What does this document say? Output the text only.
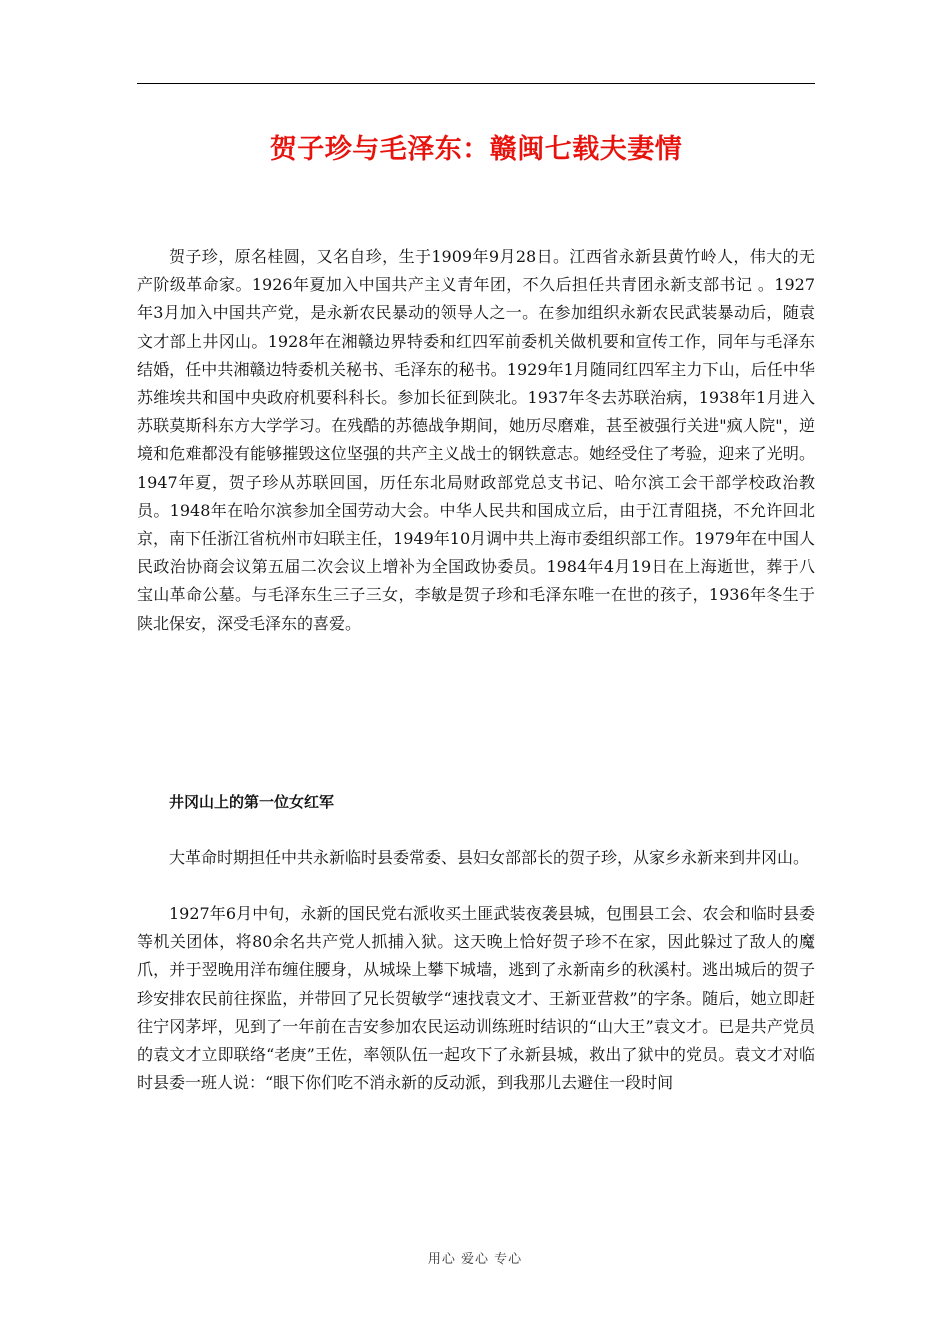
贺子珍与毛泽东：赣闽七载夫妻情

贺子珍，原名桂圆，又名自珍，生于1909年9月28日。江西省永新县黄竹岭人，伟大的无产阶级革命家。1926年夏加入中国共产主义青年团，不久后担任共青团永新支部书记 。1927年3月加入中国共产党，是永新农民暴动的领导人之一。在参加组织永新农民武装暴动后，随袁文才部上井冈山。1928年在湘赣边界特委和红四军前委机关做机要和宣传工作，同年与毛泽东结婚，任中共湘赣边特委机关秘书、毛泽东的秘书。1929年1月随同红四军主力下山，后任中华苏维埃共和国中央政府机要科科长。参加长征到陕北。1937年冬去苏联治病，1938年1月进入苏联莫斯科东方大学学习。在残酷的苏德战争期间，她历尽磨难，甚至被强行关进"疯人院"，逆境和危难都没有能够摧毁这位坚强的共产主义战士的钢铁意志。她经受住了考验，迎来了光明。1947年夏，贺子珍从苏联回国，历任东北局财政部党总支书记、哈尔滨工会干部学校政治教员。1948年在哈尔滨参加全国劳动大会。中华人民共和国成立后，由于江青阻挠，不允许回北京，南下任浙江省杭州市妇联主任，1949年10月调中共上海市委组织部工作。1979年在中国人民政治协商会议第五届二次会议上增补为全国政协委员。1984年4月19日在上海逝世，葬于八宝山革命公墓。与毛泽东生三子三女，李敏是贺子珍和毛泽东唯一在世的孩子，1936年冬生于陕北保安，深受毛泽东的喜爱。

井冈山上的第一位女红军

大革命时期担任中共永新临时县委常委、县妇女部部长的贺子珍，从家乡永新来到井冈山。

1927年6月中旬，永新的国民党右派收买土匪武装夜袭县城，包围县工会、农会和临时县委等机关团体，将80余名共产党人抓捕入狱。这天晚上恰好贺子珍不在家，因此躲过了敌人的魔爪，并于翌晚用洋布缠住腰身，从城垛上攀下城墙，逃到了永新南乡的秋溪村。逃出城后的贺子珍安排农民前往探监，并带回了兄长贺敏学“速找袁文才、王新亚营救”的字条。随后，她立即赶往宁冈茅坪，见到了一年前在吉安参加农民运动训练班时结识的“山大王”袁文才。已是共产党员的袁文才立即联络“老庚”王佐，率领队伍一起攻下了永新县城，救出了狱中的党员。袁文才对临时县委一班人说：“眼下你们吃不消永新的反动派，到我那儿去避住一段时间

用心 爱心 专心
